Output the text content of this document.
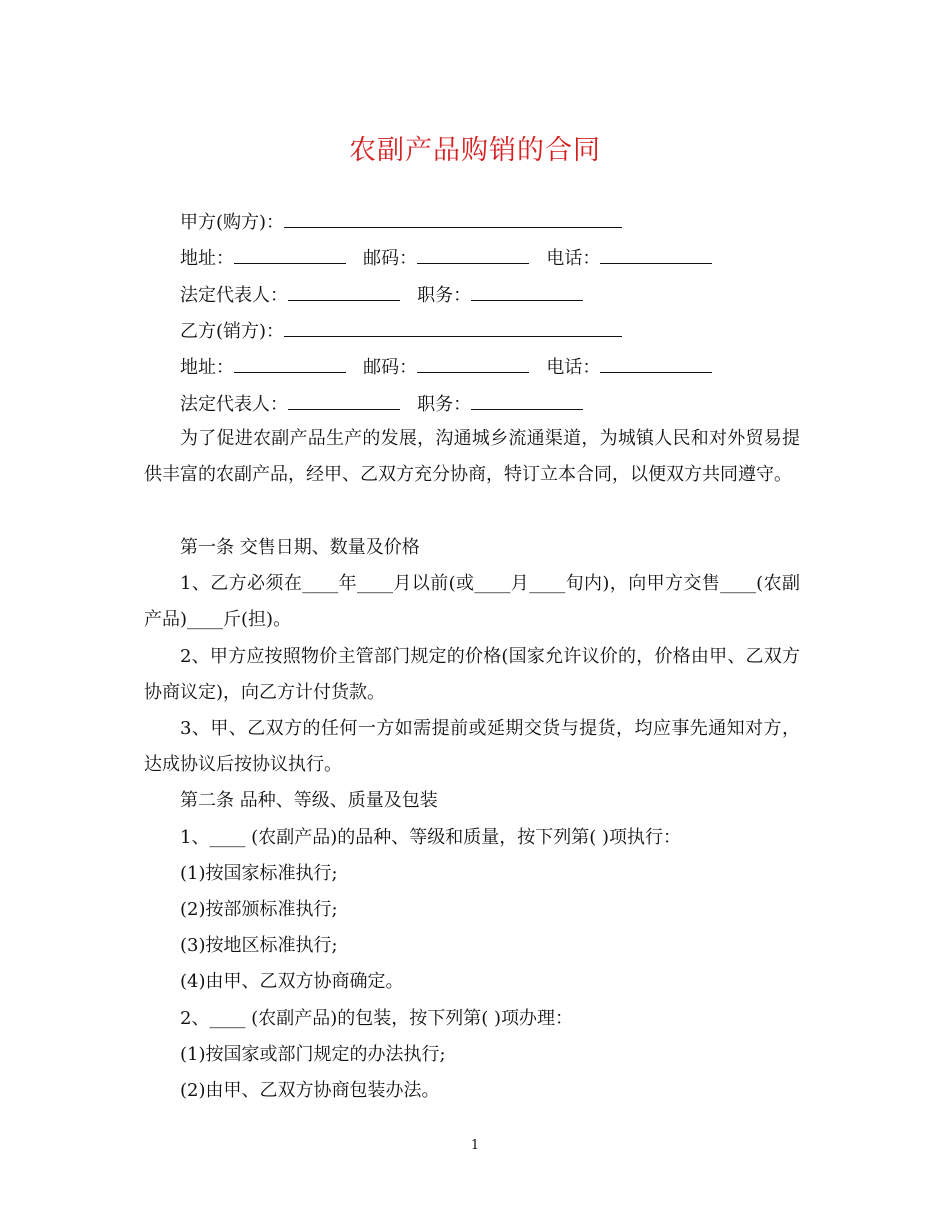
农副产品购销的合同
甲方(购方)：
地址：	邮码：	电话：
法定代表人：	职务：
乙方(销方)：
地址：	邮码：	电话：
法定代表人：	职务：
为了促进农副产品生产的发展，沟通城乡流通渠道，为城镇人民和对外贸易提供丰富的农副产品，经甲、乙双方充分协商，特订立本合同，以便双方共同遵守。
第一条 交售日期、数量及价格
1、乙方必须在____年____月以前(或____月____旬内)，向甲方交售____(农副产品)____斤(担)。
2、甲方应按照物价主管部门规定的价格(国家允许议价的，价格由甲、乙双方协商议定)，向乙方计付货款。
3、甲、乙双方的任何一方如需提前或延期交货与提货，均应事先通知对方，达成协议后按协议执行。
第二条 品种、等级、质量及包装
1、____ (农副产品)的品种、等级和质量，按下列第( )项执行：
(1)按国家标准执行;
(2)按部颁标准执行;
(3)按地区标准执行;
(4)由甲、乙双方协商确定。
2、____ (农副产品)的包装，按下列第( )项办理：
(1)按国家或部门规定的办法执行;
(2)由甲、乙双方协商包装办法。
1
